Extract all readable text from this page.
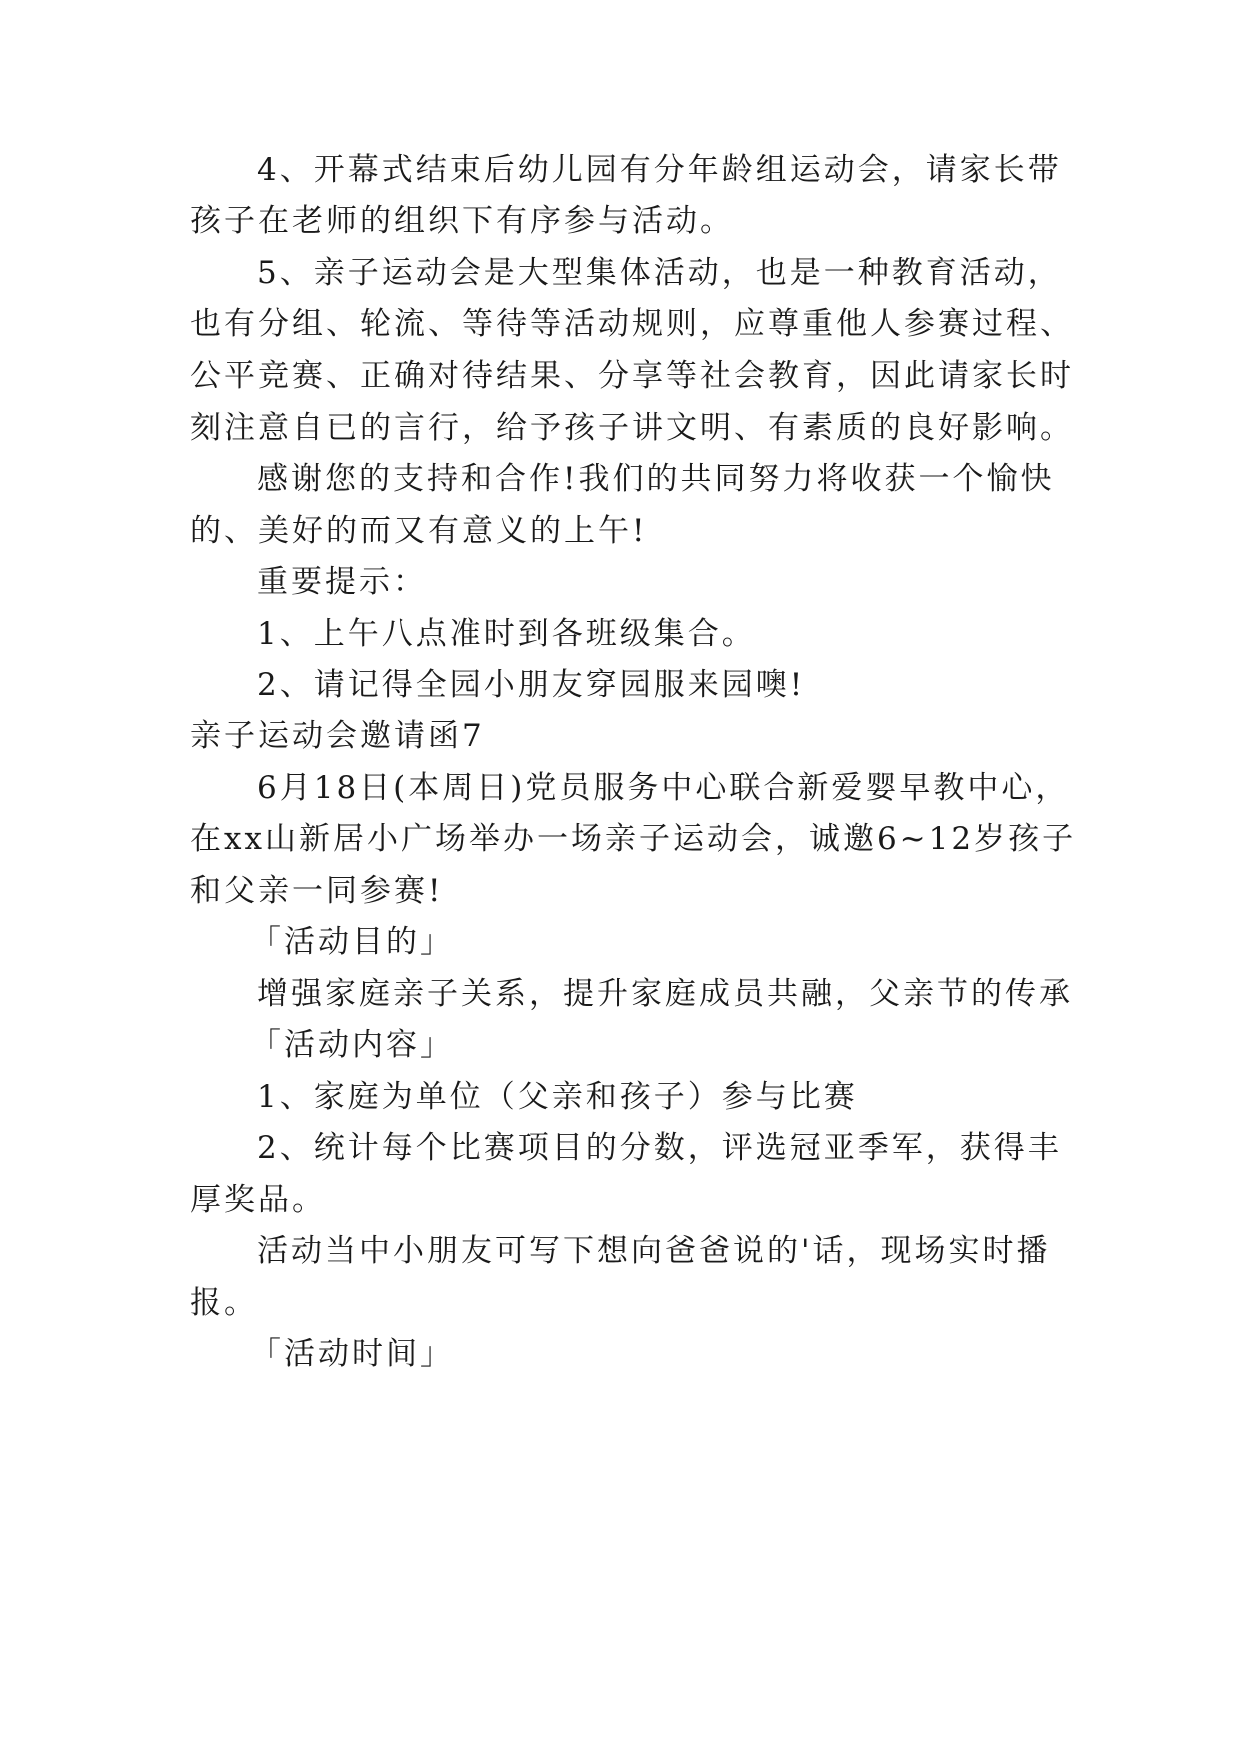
4、开幕式结束后幼儿园有分年龄组运动会，请家长带
孩子在老师的组织下有序参与活动。
5、亲子运动会是大型集体活动，也是一种教育活动，
也有分组、轮流、等待等活动规则，应尊重他人参赛过程、
公平竞赛、正确对待结果、分享等社会教育，因此请家长时
刻注意自已的言行，给予孩子讲文明、有素质的良好影响。
感谢您的支持和合作!我们的共同努力将收获一个愉快
的、美好的而又有意义的上午!
重要提示：
1、上午八点准时到各班级集合。
2、请记得全园小朋友穿园服来园噢!
亲子运动会邀请函7
6月18日(本周日)党员服务中心联合新爱婴早教中心，
在xx山新居小广场举办一场亲子运动会，诚邀6~12岁孩子
和父亲一同参赛!
「活动目的」
增强家庭亲子关系，提升家庭成员共融，父亲节的传承
「活动内容」
1、家庭为单位（父亲和孩子）参与比赛
2、统计每个比赛项目的分数，评选冠亚季军，获得丰
厚奖品。
活动当中小朋友可写下想向爸爸说的'话，现场实时播
报。
「活动时间」
